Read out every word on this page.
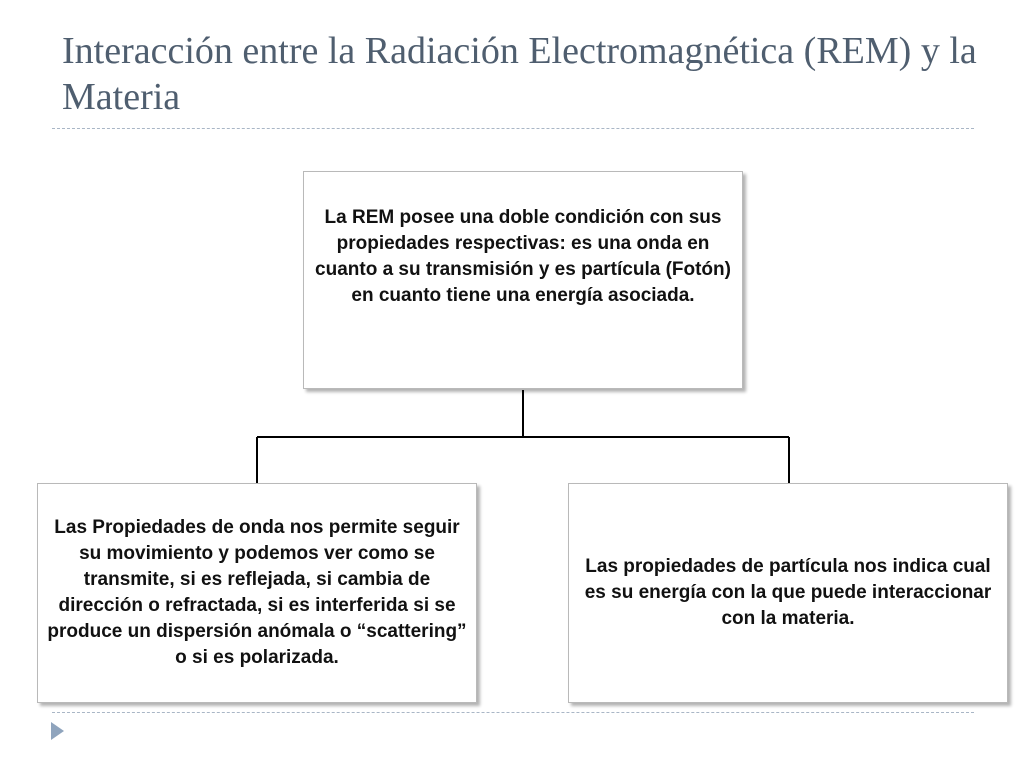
Interacción entre la Radiación Electromagnética (REM) y la Materia
La REM posee una doble condición con sus propiedades respectivas: es una onda en cuanto a su transmisión y es partícula (Fotón) en cuanto tiene una energía asociada.
Las Propiedades de onda nos permite seguir su movimiento y podemos ver como se transmite, si es reflejada, si cambia de dirección o refractada, si es interferida si se produce un dispersión anómala o “scattering” o si es polarizada.
Las propiedades de partícula nos indica cual es su energía con la que puede interaccionar con la materia.
